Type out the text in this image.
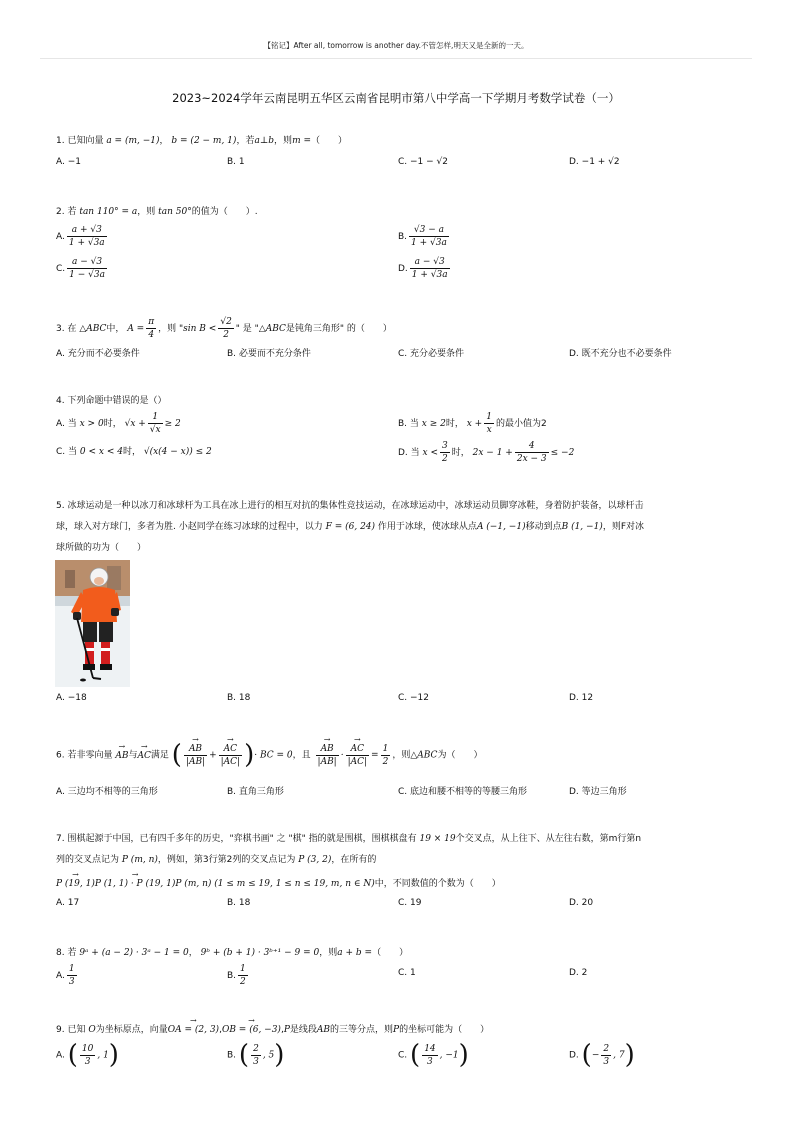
【铭记】After all, tomorrow is another day.不管怎样,明天又是全新的一天。
2023~2024学年云南昆明五华区云南省昆明市第八中学高一下学期月考数学试卷（一）
1. 已知向量 a = (m, −1)， b = (2 − m, 1)，若a⊥b，则m =（　　）
A. −1	B. 1	C. −1 − √2	D. −1 + √2
2. 若 tan 110° = a，则 tan 50°的值为（　　）.
A. $\frac{a + √3}{1 + √3a}$	B. $\frac{√3 - a}{1 + √3a}$
C. $\frac{a - √3}{1 - √3a}$	D. $\frac{a - √3}{1 + √3a}$
3. 在 △ABC中， $A = \frac{\pi}{4}$ ，则 "sin $B < \frac{√2}{2}$ " 是 "△ABC是钝角三角形" 的（　　）
A. 充分而不必要条件	B. 必要而不充分条件	C. 充分必要条件	D. 既不充分也不必要条件
4. 下列命题中错误的是（）
A. 当 x > 0时， $√x + \frac{1}{√x} \ge 2$	B. 当 x ≥ 2时， $x + \frac{1}{x}$ 的最小值为2
C. 当 0 < x < 4时， √(x(4 − x)) ≤ 2	D. 当 $x < \frac{3}{2}$ 时， $2x - 1 + \frac{4}{2x - 3} \le -2$
5. 冰球运动是一种以冰刀和冰球杆为工具在冰上进行的相互对抗的集体性竞技运动，在冰球运动中，冰球运动员脚穿冰鞋，身着防护装备，以球杆击
球，球入对方球门，多者为胜. 小赵同学在练习冰球的过程中，以力 F = (6, 24) 作用于冰球，使冰球从点A (−1, −1)移动到点B (1, −1)，则F对冰
球所做的功为（　　）
A. −18	B. 18	C. −12	D. 12
6. 若非零向量 → AB与→ AC满足 ( → $\frac{AB}{|AB|}$ + → $\frac{AC}{|AC|}$ )· BC = 0，且 → $\frac{AB}{|AB|}$ · → $\frac{AC}{|AC|} = \frac{1}{2}$ ，则△ABC为（　　）
A. 三边均不相等的三角形	B. 直角三角形	C. 底边和腰不相等的等腰三角形	D. 等边三角形
7. 围棋起源于中国，已有四千多年的历史，"弈棋书画" 之 "棋" 指的就是围棋，围棋棋盘有 19 × 19个交叉点，从上往下、从左往右数，第m行第n
列的交叉点记为 P (m, n)，例如，第3行第2列的交叉点记为 P (3, 2)，在所有的
→ P (19, 1)→ P (1, 1) · P (19, 1)P (m, n) (1 ≤ m ≤ 19, 1 ≤ n ≤ 19, m, n ∈ N)中，不同数值的个数为（　　）
A. 17	B. 18	C. 19	D. 20
8. 若 9ᵃ + (a − 2) · 3ᵃ − 1 = 0， 9ᵇ + (b + 1) · 3ᵇ⁺¹ − 9 = 0，则a + b =（　　）
A. $\frac{1}{3}$	B. $\frac{1}{2}$	C. 1	D. 2
9. 已知 O为坐标原点，向量→ OA = (2, 3),→ OB = (6, −3),P是线段AB的三等分点，则P的坐标可能为（　　）
A. ( $\frac{10}{3}$ , 1)	B. ( $\frac{2}{3}$ , 5)	C. ( $\frac{14}{3}$ , −1)	D. (− $\frac{2}{3}$ , 7)
